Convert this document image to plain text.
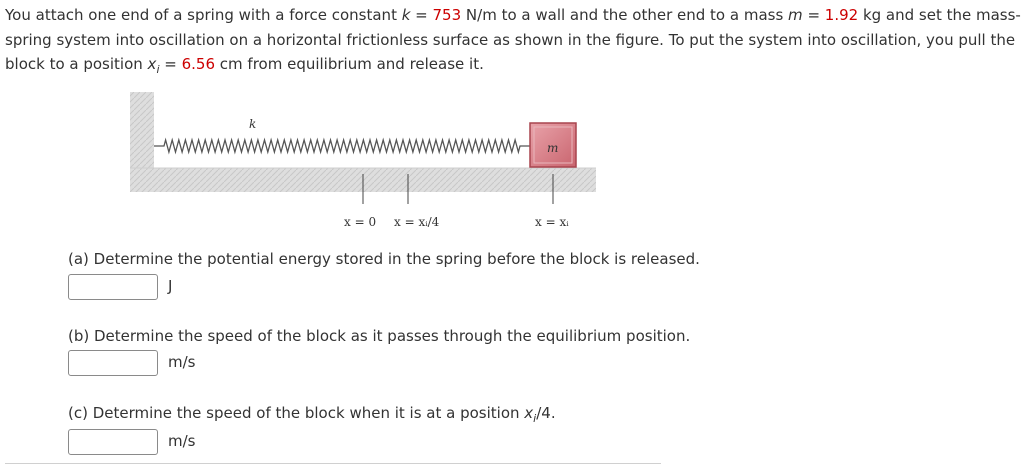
You attach one end of a spring with a force constant k = 753 N/m to a wall and the other end to a mass m = 1.92 kg and set the mass-spring system into oscillation on a horizontal frictionless surface as shown in the figure. To put the system into oscillation, you pull the block to a position $x_i = 6.56$ cm from equilibrium and release it.
k
m
x = 0 x = xᵢ/4	x = xᵢ
(a) Determine the potential energy stored in the spring before the block is released.
J
(b) Determine the speed of the block as it passes through the equilibrium position.
m/s
(c) Determine the speed of the block when it is at a position $x_i/4$.
m/s
